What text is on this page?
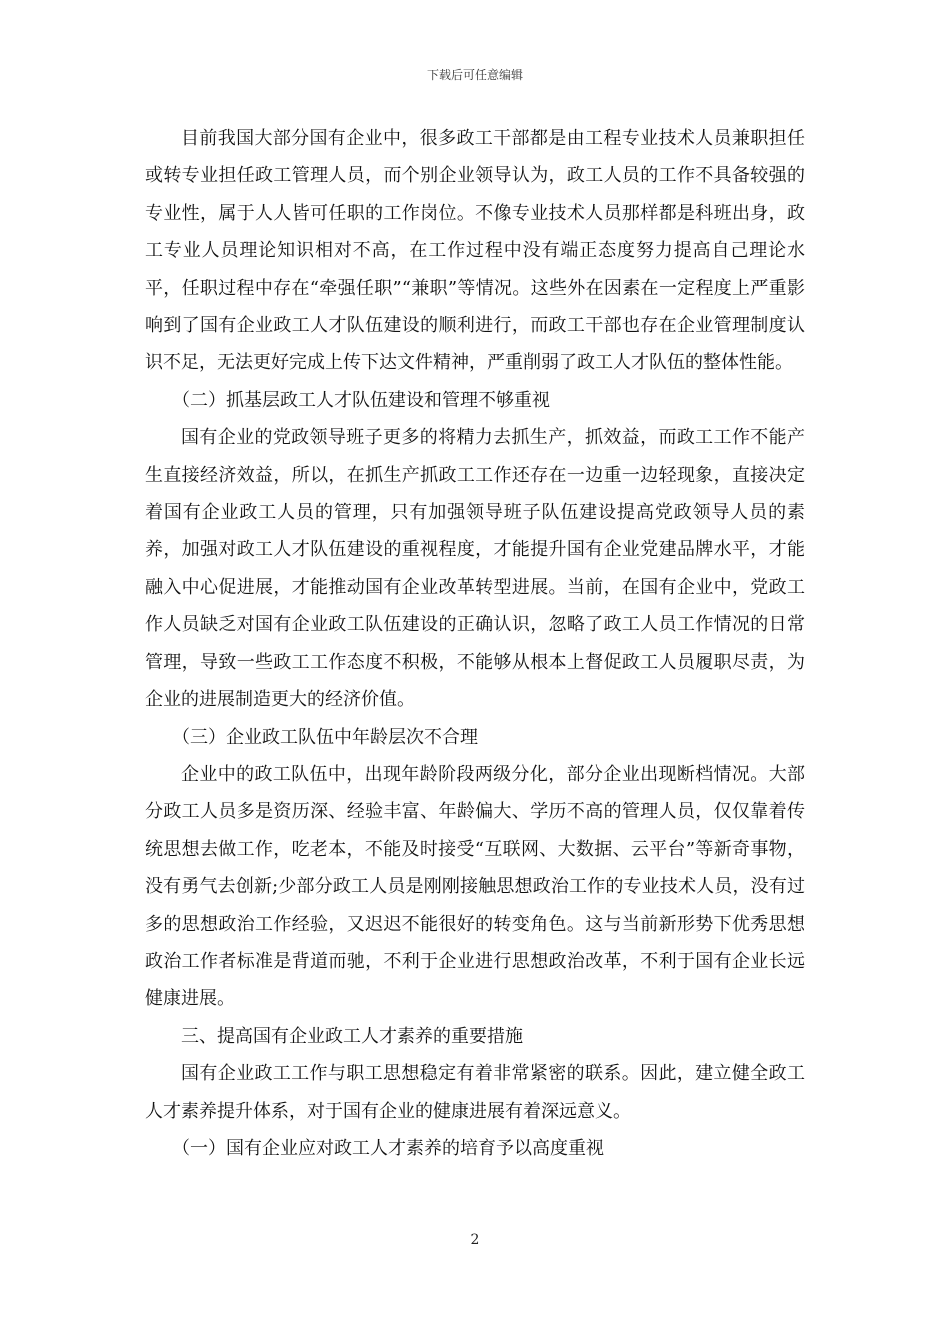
下载后可任意编辑

目前我国大部分国有企业中，很多政工干部都是由工程专业技术人员兼职担任或转专业担任政工管理人员，而个别企业领导认为，政工人员的工作不具备较强的专业性，属于人人皆可任职的工作岗位。不像专业技术人员那样都是科班出身，政工专业人员理论知识相对不高，在工作过程中没有端正态度努力提高自己理论水平，任职过程中存在“牵强任职”“兼职”等情况。这些外在因素在一定程度上严重影响到了国有企业政工人才队伍建设的顺利进行，而政工干部也存在企业管理制度认识不足，无法更好完成上传下达文件精神，严重削弱了政工人才队伍的整体性能。

（二）抓基层政工人才队伍建设和管理不够重视

国有企业的党政领导班子更多的将精力去抓生产，抓效益，而政工工作不能产生直接经济效益，所以，在抓生产抓政工工作还存在一边重一边轻现象，直接决定着国有企业政工人员的管理，只有加强领导班子队伍建设提高党政领导人员的素养，加强对政工人才队伍建设的重视程度，才能提升国有企业党建品牌水平，才能融入中心促进展，才能推动国有企业改革转型进展。当前，在国有企业中，党政工作人员缺乏对国有企业政工队伍建设的正确认识，忽略了政工人员工作情况的日常管理，导致一些政工工作态度不积极，不能够从根本上督促政工人员履职尽责，为企业的进展制造更大的经济价值。

（三）企业政工队伍中年龄层次不合理

企业中的政工队伍中，出现年龄阶段两级分化，部分企业出现断档情况。大部分政工人员多是资历深、经验丰富、年龄偏大、学历不高的管理人员，仅仅靠着传统思想去做工作，吃老本，不能及时接受“互联网、大数据、云平台”等新奇事物，没有勇气去创新;少部分政工人员是刚刚接触思想政治工作的专业技术人员，没有过多的思想政治工作经验，又迟迟不能很好的转变角色。这与当前新形势下优秀思想政治工作者标准是背道而驰，不利于企业进行思想政治改革，不利于国有企业长远健康进展。

三、提高国有企业政工人才素养的重要措施

国有企业政工工作与职工思想稳定有着非常紧密的联系。因此，建立健全政工人才素养提升体系，对于国有企业的健康进展有着深远意义。

（一）国有企业应对政工人才素养的培育予以高度重视

2
